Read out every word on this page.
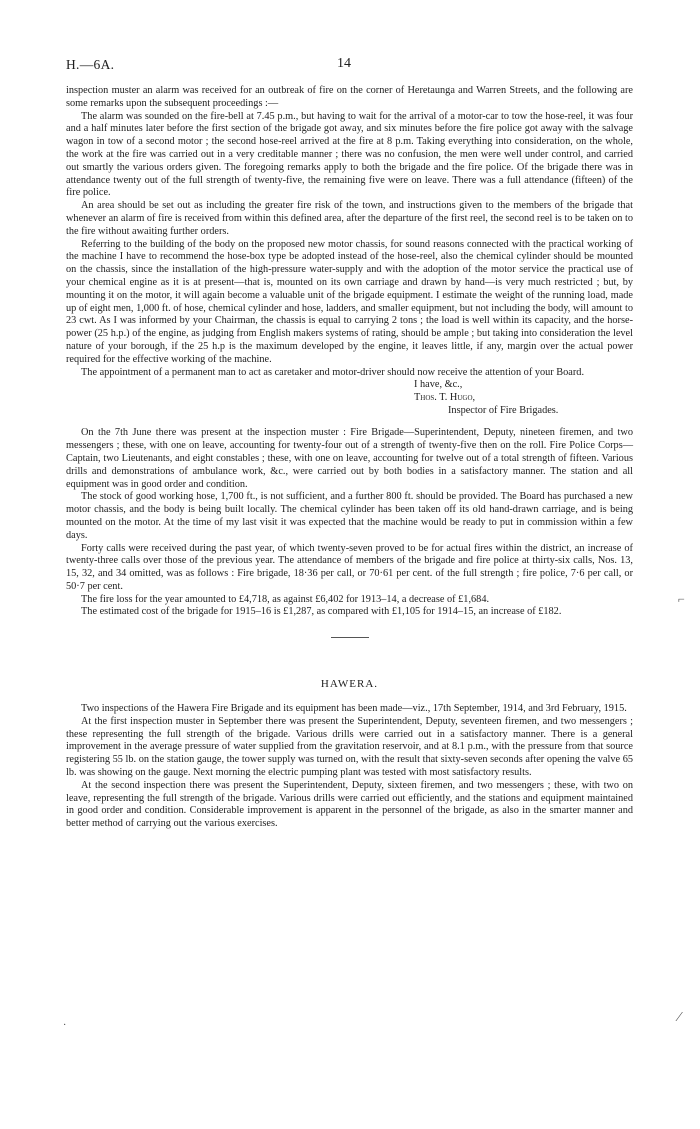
H.—6A.	14

inspection muster an alarm was received for an outbreak of fire on the corner of Heretaunga and Warren Streets, and the following are some remarks upon the subsequent proceedings :—

The alarm was sounded on the fire-bell at 7.45 p.m., but having to wait for the arrival of a motor-car to tow the hose-reel, it was four and a half minutes later before the first section of the brigade got away, and six minutes before the fire police got away with the salvage wagon in tow of a second motor ; the second hose-reel arrived at the fire at 8 p.m. Taking everything into consideration, on the whole, the work at the fire was carried out in a very creditable manner ; there was no confusion, the men were well under control, and carried out smartly the various orders given. The foregoing remarks apply to both the brigade and the fire police. Of the brigade there was in attendance twenty out of the full strength of twenty-five, the remaining five were on leave. There was a full attendance (fifteen) of the fire police.

An area should be set out as including the greater fire risk of the town, and instructions given to the members of the brigade that whenever an alarm of fire is received from within this defined area, after the departure of the first reel, the second reel is to be taken on to the fire without awaiting further orders.

Referring to the building of the body on the proposed new motor chassis, for sound reasons connected with the practical working of the machine I have to recommend the hose-box type be adopted instead of the hose-reel, also the chemical cylinder should be mounted on the chassis, since the installation of the high-pressure water-supply and with the adoption of the motor service the practical use of your chemical engine as it is at present—that is, mounted on its own carriage and drawn by hand—is very much restricted ; but, by mounting it on the motor, it will again become a valuable unit of the brigade equipment. I estimate the weight of the running load, made up of eight men, 1,000 ft. of hose, chemical cylinder and hose, ladders, and smaller equipment, but not including the body, will amount to 23 cwt. As I was informed by your Chairman, the chassis is equal to carrying 2 tons ; the load is well within its capacity, and the horse-power (25 h.p.) of the engine, as judging from English makers systems of rating, should be ample ; but taking into consideration the level nature of your borough, if the 25 h.p is the maximum developed by the engine, it leaves little, if any, margin over the actual power required for the effective working of the machine.

The appointment of a permanent man to act as caretaker and motor-driver should now receive the attention of your Board.

I have, &c.,
Thos. T. Hugo,
Inspector of Fire Brigades.

On the 7th June there was present at the inspection muster : Fire Brigade—Superintendent, Deputy, nineteen firemen, and two messengers ; these, with one on leave, accounting for twenty-four out of a strength of twenty-five then on the roll. Fire Police Corps—Captain, two Lieutenants, and eight constables ; these, with one on leave, accounting for twelve out of a total strength of fifteen. Various drills and demonstrations of ambulance work, &c., were carried out by both bodies in a satisfactory manner. The station and all equipment was in good order and condition.

The stock of good working hose, 1,700 ft., is not sufficient, and a further 800 ft. should be provided. The Board has purchased a new motor chassis, and the body is being built locally. The chemical cylinder has been taken off its old hand-drawn carriage, and is being mounted on the motor. At the time of my last visit it was expected that the machine would be ready to put in commission within a few days.

Forty calls were received during the past year, of which twenty-seven proved to be for actual fires within the district, an increase of twenty-three calls over those of the previous year. The attendance of members of the brigade and fire police at thirty-six calls, Nos. 13, 15, 32, and 34 omitted, was as follows : Fire brigade, 18·36 per call, or 70·61 per cent. of the full strength ; fire police, 7·6 per call, or 50·7 per cent.

The fire loss for the year amounted to £4,718, as against £6,402 for 1913–14, a decrease of £1,684.

The estimated cost of the brigade for 1915–16 is £1,287, as compared with £1,105 for 1914–15, an increase of £182.

HAWERA.

Two inspections of the Hawera Fire Brigade and its equipment has been made—viz., 17th September, 1914, and 3rd February, 1915.

At the first inspection muster in September there was present the Superintendent, Deputy, seventeen firemen, and two messengers ; these representing the full strength of the brigade. Various drills were carried out in a satisfactory manner. There is a general improvement in the average pressure of water supplied from the gravitation reservoir, and at 8.1 p.m., with the pressure from that source registering 55 lb. on the station gauge, the tower supply was turned on, with the result that sixty-seven seconds after opening the valve 65 lb. was showing on the gauge. Next morning the electric pumping plant was tested with most satisfactory results.

At the second inspection there was present the Superintendent, Deputy, sixteen firemen, and two messengers ; these, with two on leave, representing the full strength of the brigade. Various drills were carried out efficiently, and the stations and equipment maintained in good order and condition. Considerable improvement is apparent in the personnel of the brigade, as also in the smarter manner and better method of carrying out the various exercises.

⌐
⁄
·
